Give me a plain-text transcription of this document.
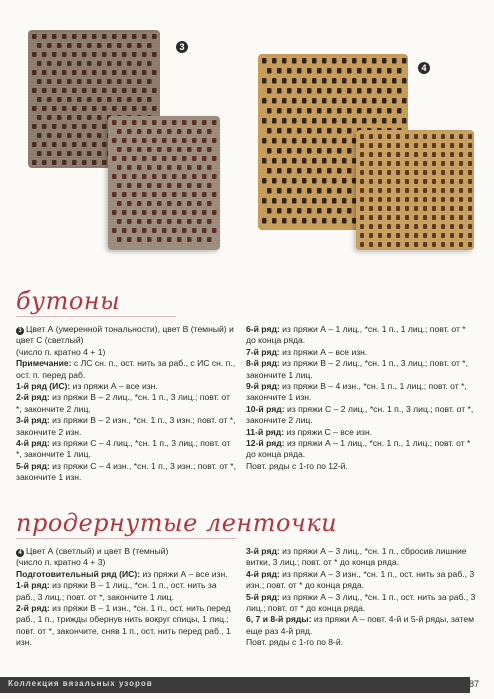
3
4
бутоны

3 Цвет А (умеренной тональности), цвет В (темный) и цвет С (светлый)

(число п. кратно 4 + 1)

Примечание: с ЛС сн. п., ост. нить за раб., с ИС сн. п., ост. п. перед раб.

1-й ряд (ИС): из пряжи А – все изн.

2-й ряд: из пряжи В – 2 лиц., *сн. 1 п., 3 лиц.; повт. от *, закончите 2 лиц.

3-й ряд: из пряжи В – 2 изн., *сн. 1 п., 3 изн.; повт. от *, закончите 2 изн.

4-й ряд: из пряжи С – 4 лиц., *сн. 1 п., 3 лиц.; повт. от *, закончите 1 лиц.

5-й ряд: из пряжи С – 4 изн., *сн. 1 п., 3 изн.; повт. от *, закончите 1 изн.

6-й ряд: из пряжи А – 1 лиц., *сн. 1 п., 1 лиц.; повт. от * до конца ряда.

7-й ряд: из пряжи А – все изн.

8-й ряд: из пряжи В – 2 лиц., *сн. 1 п., 3 лиц.; повт. от *, закончите 1 лиц.

9-й ряд: из пряжи В – 4 изн., *сн. 1 п., 1 лиц.; повт. от *, закончите 1 изн.

10-й ряд: из пряжи С – 2 лиц., *сн. 1 п., 3 лиц.; повт. от *, закончите 2 лиц.

11-й ряд: из пряжи С – все изн.

12-й ряд: из пряжи А – 1 лиц., *сн. 1 п., 1 лиц.; повт. от * до конца ряда.

Повт. ряды с 1-го по 12-й.

продернутые ленточки

4 Цвет А (светлый) и цвет В (темный)

(число п. кратно 4 + 3)

Подготовительный ряд (ИС): из пряжи А – все изн.

1-й ряд: из пряжи В – 1 лиц., *сн. 1 п., ост. нить за раб., 3 лиц.; повт. от *, закончите 1 лиц.

2-й ряд: из пряжи В – 1 изн., *сн. 1 п., ост. нить перед раб., 1 п., трижды обернув нить вокруг спицы, 1 лиц.; повт. от *, закончите, сняв 1 п., ост. нить перед раб., 1 изн.

3-й ряд: из пряжи А – 3 лиц., *сн. 1 п., сбросив лишние витки, 3 лиц.; повт. от * до конца ряда.

4-й ряд: из пряжи А – 3 изн., *сн. 1 п., ост. нить за раб., 3 изн.; повт. от * до конца ряда.

5-й ряд: из пряжи А – 3 лиц., *сн. 1 п., ост. нить за раб., 3 лиц.; повт. от * до конца ряда.

6, 7 и 8-й ряды: из пряжи А – повт. 4-й и 5-й ряды, затем еще раз 4-й ряд.

Повт. ряды с 1-го по 8-й.

Коллекция вязальных узоров	87
